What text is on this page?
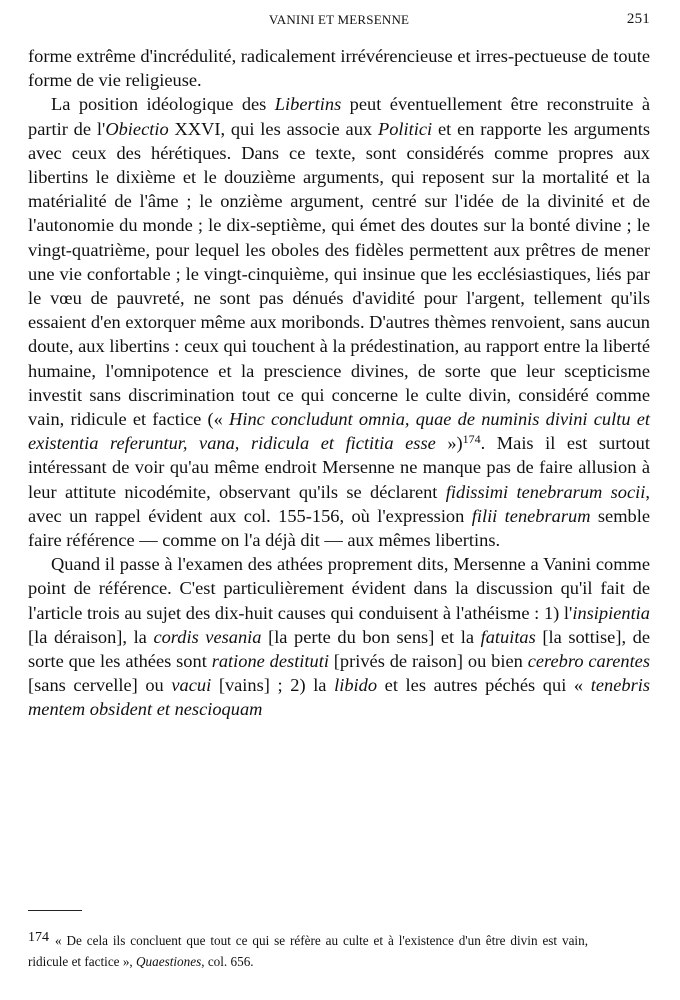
VANINI ET MERSENNE	251

forme extrême d'incrédulité, radicalement irrévérencieuse et irres-pectueuse de toute forme de vie religieuse.

La position idéologique des Libertins peut éventuellement être reconstruite à partir de l'Obiectio XXVI, qui les associe aux Politici et en rapporte les arguments avec ceux des hérétiques. Dans ce texte, sont considérés comme propres aux libertins le dixième et le douzième arguments, qui reposent sur la mortalité et la matérialité de l'âme ; le onzième argument, centré sur l'idée de la divinité et de l'autonomie du monde ; le dix-septième, qui émet des doutes sur la bonté divine ; le vingt-quatrième, pour lequel les oboles des fidèles permettent aux prêtres de mener une vie confortable ; le vingt-cinquième, qui insinue que les ecclésiastiques, liés par le vœu de pauvreté, ne sont pas dénués d'avidité pour l'argent, tellement qu'ils essaient d'en extorquer même aux moribonds. D'autres thèmes renvoient, sans aucun doute, aux libertins : ceux qui touchent à la prédestination, au rapport entre la liberté humaine, l'omnipotence et la prescience divines, de sorte que leur scepticisme investit sans discrimination tout ce qui concerne le culte divin, considéré comme vain, ridicule et factice (« Hinc concludunt omnia, quae de numinis divini cultu et existentia referuntur, vana, ridicula et fictitia esse »)$^{174}$. Mais il est surtout intéressant de voir qu'au même endroit Mersenne ne manque pas de faire allusion à leur attitute nicodémite, observant qu'ils se déclarent fidissimi tenebrarum socii, avec un rappel évident aux col. 155-156, où l'expression filii tenebrarum semble faire référence — comme on l'a déjà dit — aux mêmes libertins.

Quand il passe à l'examen des athées proprement dits, Mersenne a Vanini comme point de référence. C'est particulièrement évident dans la discussion qu'il fait de l'article trois au sujet des dix-huit causes qui conduisent à l'athéisme : 1) l'insipientia [la déraison], la cordis vesania [la perte du bon sens] et la fatuitas [la sottise], de sorte que les athées sont ratione destituti [privés de raison] ou bien cerebro carentes [sans cervelle] ou vacui [vains] ; 2) la libido et les autres péchés qui « tenebris mentem obsident et nescioquam

174 « De cela ils concluent que tout ce qui se réfère au culte et à l'existence d'un être divin est vain, ridicule et factice », Quaestiones, col. 656.
